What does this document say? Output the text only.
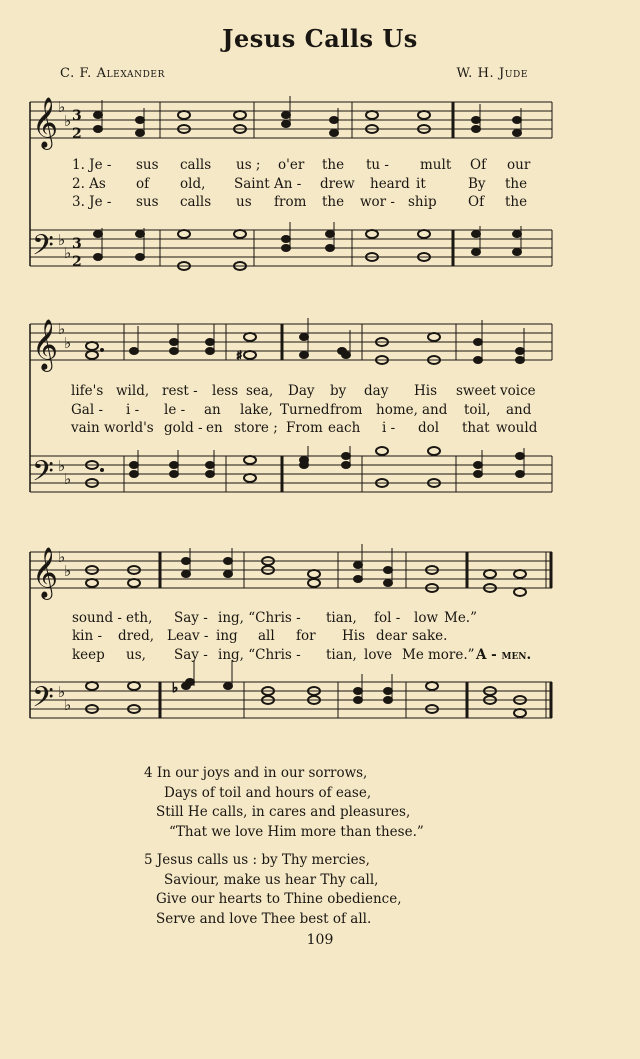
Jesus Calls Us
C. F. Alexander	W. H. Jude
𝄞
𝄢
♭
♭
♭
♭
3
2
3
2
1. Je - sus calls us ; o'er the tu - mult Of our
2. As of old, Saint An - drew heard it	By the
3. Je - sus calls us from the wor - ship Of the
𝄞
𝄢
♭
♭
♭
♭
♯
life's wild, rest - less sea, Day by day His sweet voice
Gal - i - le - an lake, Turned from home, and toil, and
vain world's gold - en store ; From each i - dol that would
𝄞
𝄢
♭
♭
♭
♭
♭
sound - eth, Say - ing, “Chris - tian, fol - low Me.”
kin - dred, Leav - ing all for His dear sake.
keep us, Say - ing, “Chris - tian, love Me more.” A - men.
4 In our joys and in our sorrows,
Days of toil and hours of ease,
Still He calls, in cares and pleasures,
“That we love Him more than these.”
5 Jesus calls us : by Thy mercies,
Saviour, make us hear Thy call,
Give our hearts to Thine obedience,
Serve and love Thee best of all.
109
